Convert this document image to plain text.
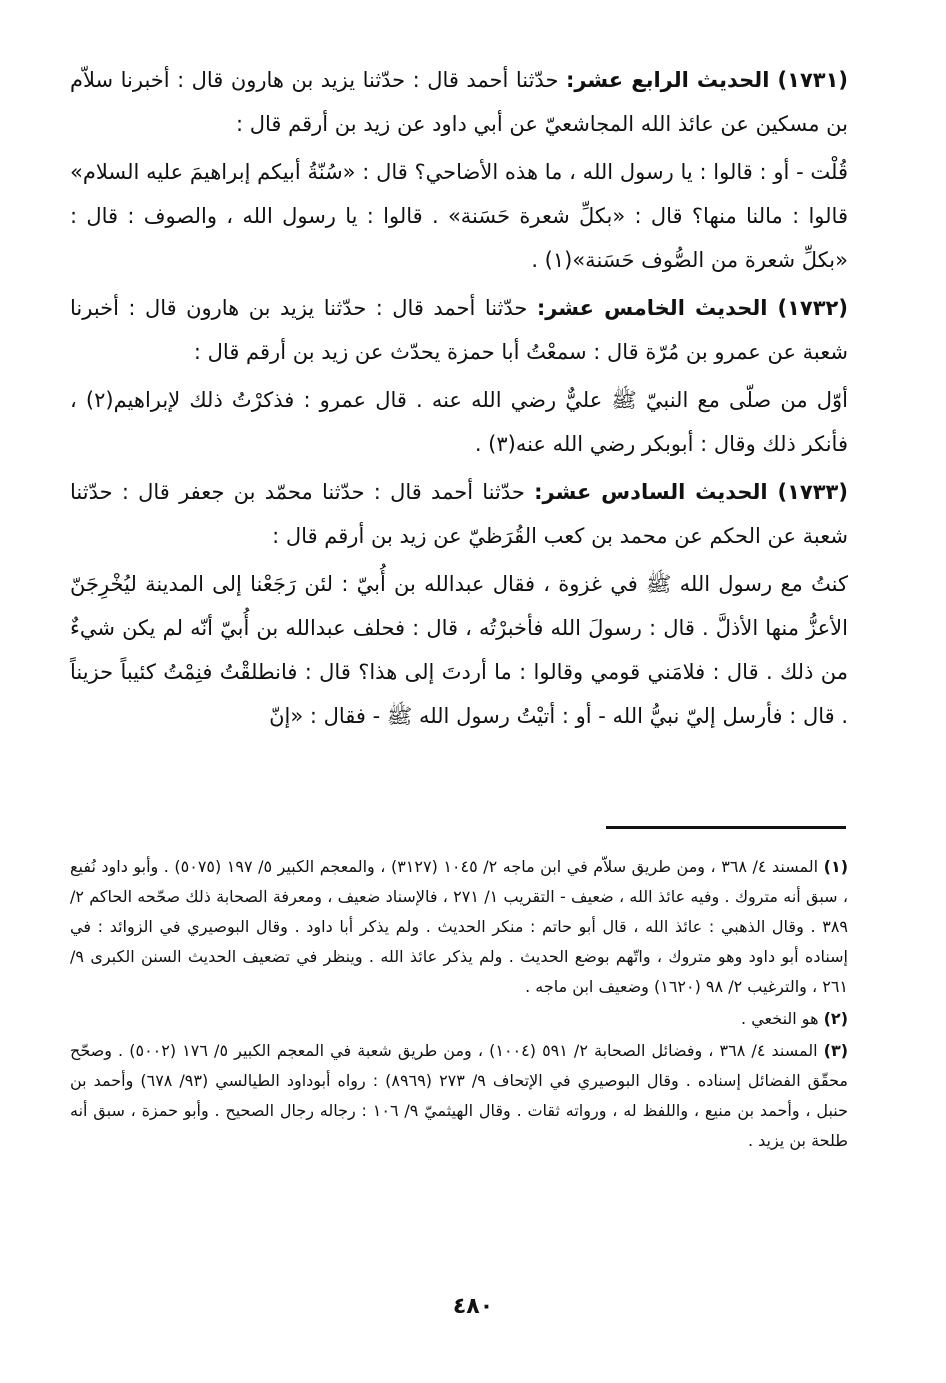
(١٧٣١) الحديث الرابع عشر: حدّثنا أحمد قال : حدّثنا يزيد بن هارون قال : أخبرنا سلاّم بن مسكين عن عائذ الله المجاشعيّ عن أبي داود عن زيد بن أرقم قال :

قُلْت - أو : قالوا : يا رسول الله ، ما هذه الأضاحي؟ قال : «سُنّةُ أبيكم إبراهيمَ عليه السلام» قالوا : مالنا منها؟ قال : «بكلِّ شعرة حَسَنة» . قالوا : يا رسول الله ، والصوف : قال : «بكلِّ شعرة من الصُّوف حَسَنة»(١) .

(١٧٣٢) الحديث الخامس عشر: حدّثنا أحمد قال : حدّثنا يزيد بن هارون قال : أخبرنا شعبة عن عمرو بن مُرّة قال : سمعْتُ أبا حمزة يحدّث عن زيد بن أرقم قال :

أوّل من صلّى مع النبيّ ﷺ عليٌّ رضي الله عنه . قال عمرو : فذكرْتُ ذلك لإبراهيم(٢) ، فأنكر ذلك وقال : أبوبكر رضي الله عنه(٣) .

(١٧٣٣) الحديث السادس عشر: حدّثنا أحمد قال : حدّثنا محمّد بن جعفر قال : حدّثنا شعبة عن الحكم عن محمد بن كعب القُرَظيّ عن زيد بن أرقم قال :

كنتُ مع رسول الله ﷺ في غزوة ، فقال عبدالله بن أُبيّ : لئن رَجَعْنا إلى المدينة ليُخْرِجَنّ الأعزُّ منها الأذلَّ . قال : رسولَ الله فأخبرْتُه ، قال : فحلف عبدالله بن أُبيّ أنّه لم يكن شيءٌ من ذلك . قال : فلامَني قومي وقالوا : ما أردتَ إلى هذا؟ قال : فانطلقْتُ فنِمْتُ كئيباً حزيناً . قال : فأرسل إليّ نبيُّ الله - أو : أتيْتُ رسول الله ﷺ - فقال : «إنّ

(١) المسند ٤/ ٣٦٨ ، ومن طريق سلاّم في ابن ماجه ٢/ ١٠٤٥ (٣١٢٧) ، والمعجم الكبير ٥/ ١٩٧ (٥٠٧٥) . وأبو داود نُفيع ، سبق أنه متروك . وفيه عائذ الله ، ضعيف - التقريب ١/ ٢٧١ ، فالإسناد ضعيف ، ومعرفة الصحابة ذلك صحّحه الحاكم ٢/ ٣٨٩ . وقال الذهبي : عائذ الله ، قال أبو حاتم : منكر الحديث . ولم يذكر أبا داود . وقال البوصيري في الزوائد : في إسناده أبو داود وهو متروك ، واتّهم بوضع الحديث . ولم يذكر عائذ الله . وينظر في تضعيف الحديث السنن الكبرى ٩/ ٢٦١ ، والترغيب ٢/ ٩٨ (١٦٢٠) وضعيف ابن ماجه .

(٢) هو النخعي .

(٣) المسند ٤/ ٣٦٨ ، وفضائل الصحابة ٢/ ٥٩١ (١٠٠٤) ، ومن طريق شعبة في المعجم الكبير ٥/ ١٧٦ (٥٠٠٢) . وصحّح محقّق الفضائل إسناده . وقال البوصيري في الإتحاف ٩/ ٢٧٣ (٨٩٦٩) : رواه أبوداود الطيالسي (٩٣/ ٦٧٨) وأحمد بن حنبل ، وأحمد بن منيع ، واللفظ له ، ورواته ثقات . وقال الهيثميّ ٩/ ١٠٦ : رجاله رجال الصحيح . وأبو حمزة ، سبق أنه طلحة بن يزيد .

٤٨٠
